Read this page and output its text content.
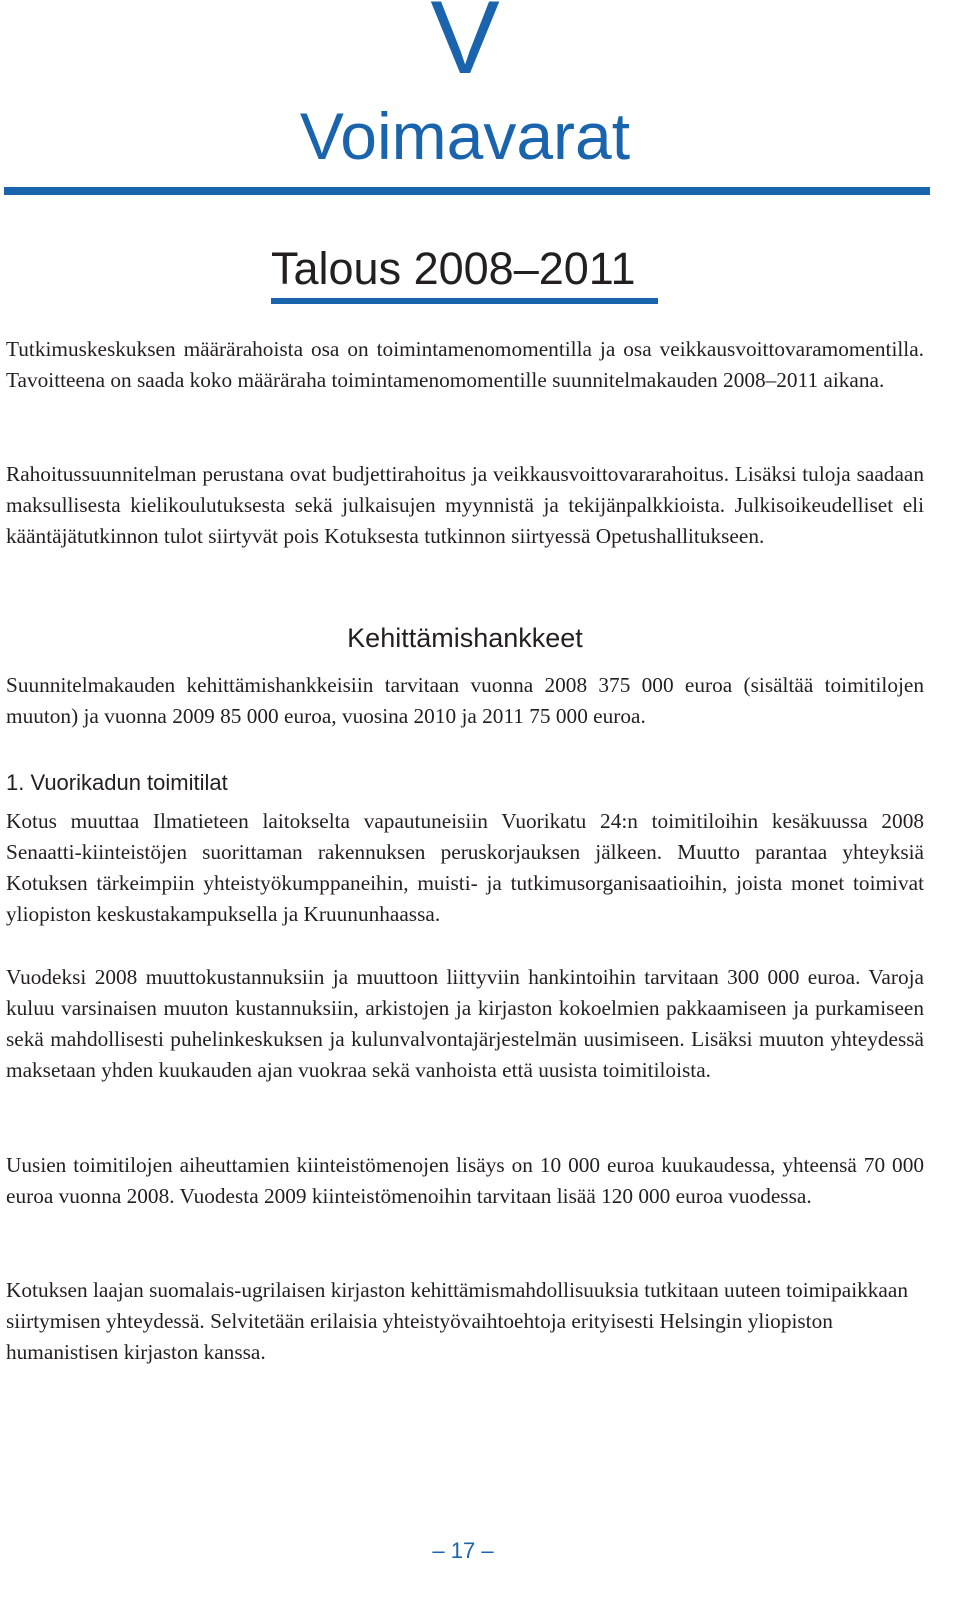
V
Voimavarat
Talous 2008–2011

Tutkimuskeskuksen määrärahoista osa on toimintamenomomentilla ja osa veikkausvoittovaramomentilla. Tavoitteena on saada koko määräraha toimintamenomomentille suunnitelmakauden 2008–2011 aikana.

Rahoitussuunnitelman perustana ovat budjettirahoitus ja veikkausvoittovararahoitus. Lisäksi tuloja saadaan maksullisesta kielikoulutuksesta sekä julkaisujen myynnistä ja tekijänpalkkioista. Julkisoikeudelliset eli kääntäjätutkinnon tulot siirtyvät pois Kotuksesta tutkinnon siirtyessä Opetushallitukseen.

Kehittämishankkeet

Suunnitelmakauden kehittämishankkeisiin tarvitaan vuonna 2008 375 000 euroa (sisältää toimitilojen muuton) ja vuonna 2009 85 000 euroa, vuosina 2010 ja 2011 75 000 euroa.

1. Vuorikadun toimitilat

Kotus muuttaa Ilmatieteen laitokselta vapautuneisiin Vuorikatu 24:n toimitiloihin kesäkuussa 2008 Senaatti-kiinteistöjen suorittaman rakennuksen peruskorjauksen jälkeen. Muutto parantaa yhteyksiä Kotuksen tärkeimpiin yhteistyökumppaneihin, muisti- ja tutkimusorganisaatioihin, joista monet toimivat yliopiston keskustakampuksella ja Kruununhaassa.

Vuodeksi 2008 muuttokustannuksiin ja muuttoon liittyviin hankintoihin tarvitaan 300 000 euroa. Varoja kuluu varsinaisen muuton kustannuksiin, arkistojen ja kirjaston kokoelmien pakkaamiseen ja purkamiseen sekä mahdollisesti puhelinkeskuksen ja kulunvalvontajärjestelmän uusimiseen. Lisäksi muuton yhteydessä maksetaan yhden kuukauden ajan vuokraa sekä vanhoista että uusista toimitiloista.

Uusien toimitilojen aiheuttamien kiinteistömenojen lisäys on 10 000 euroa kuukaudessa, yhteensä 70 000 euroa vuonna 2008. Vuodesta 2009 kiinteistömenoihin tarvitaan lisää 120 000 euroa vuodessa.

Kotuksen laajan suomalais-ugrilaisen kirjaston kehittämismahdollisuuksia tutkitaan uuteen toimipaikkaan siirtymisen yhteydessä. Selvitetään erilaisia yhteistyövaihtoehtoja erityisesti Helsingin yliopiston humanistisen kirjaston kanssa.

– 17 –
